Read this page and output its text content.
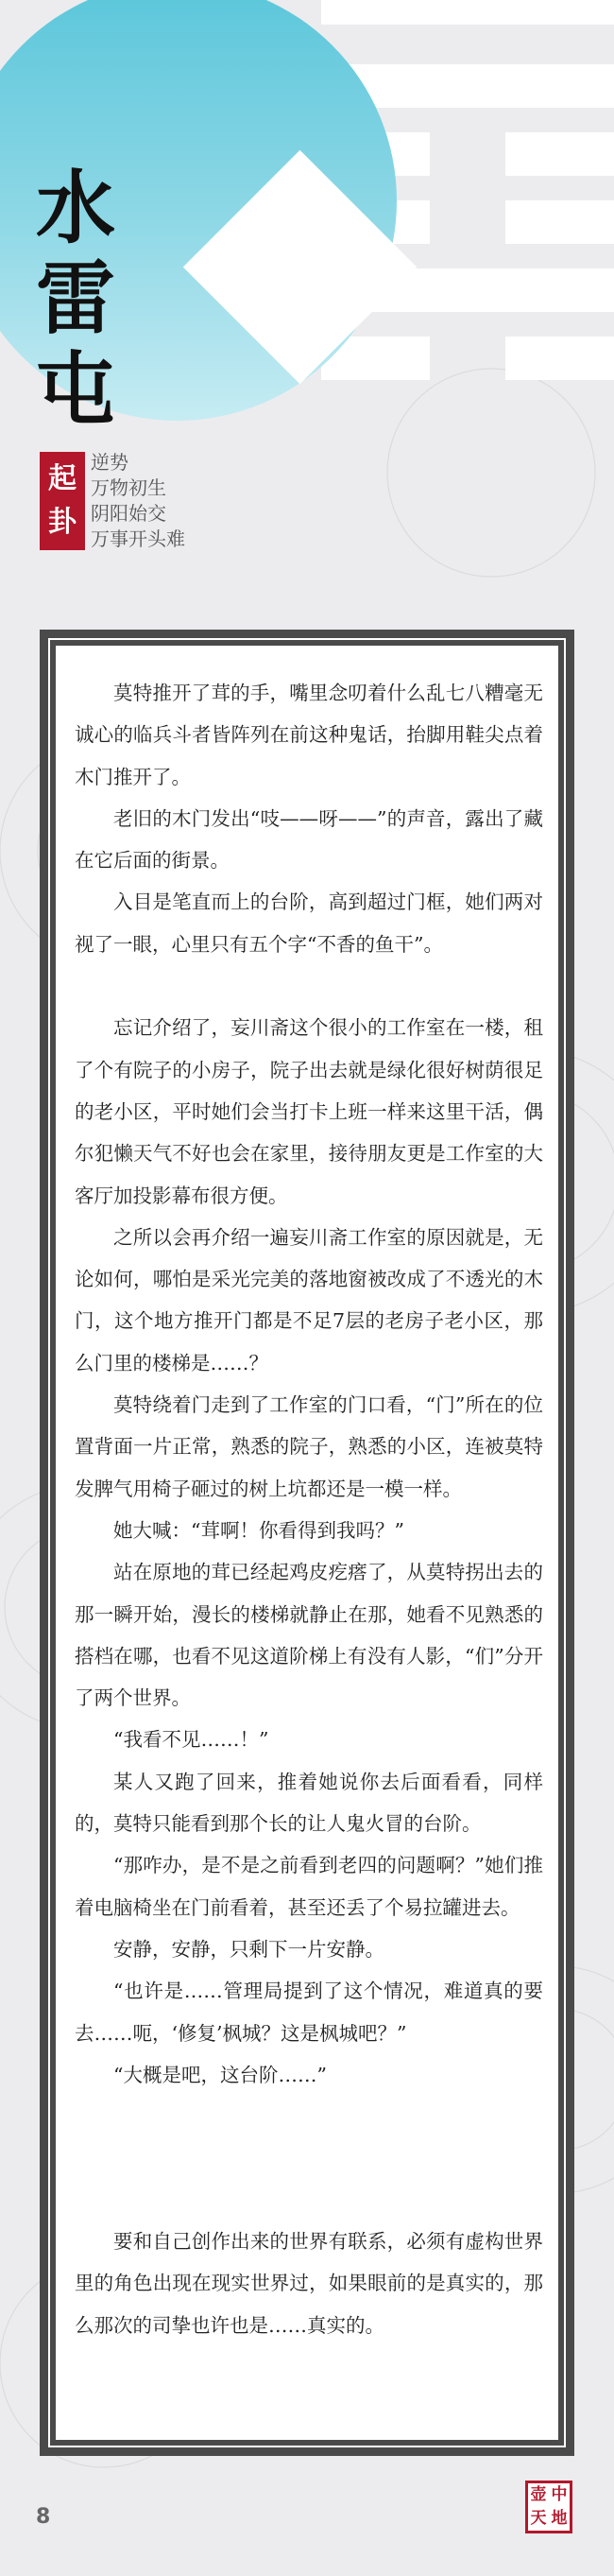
水
雷
屯
起
卦
逆势
万物初生
阴阳始交
万事开头难

莫特推开了茸的手，嘴里念叨着什么乱七八糟毫无诚心的临兵斗者皆阵列在前这种鬼话，抬脚用鞋尖点着木门推开了。

老旧的木门发出“吱——呀——”的声音，露出了藏在它后面的街景。

入目是笔直而上的台阶，高到超过门框，她们两对视了一眼，心里只有五个字“不香的鱼干”。

忘记介绍了，妄川斋这个很小的工作室在一楼，租了个有院子的小房子，院子出去就是绿化很好树荫很足的老小区，平时她们会当打卡上班一样来这里干活，偶尔犯懒天气不好也会在家里，接待朋友更是工作室的大客厅加投影幕布很方便。

之所以会再介绍一遍妄川斋工作室的原因就是，无论如何，哪怕是采光完美的落地窗被改成了不透光的木门，这个地方推开门都是不足7层的老房子老小区，那么门里的楼梯是……？

莫特绕着门走到了工作室的门口看，“门”所在的位置背面一片正常，熟悉的院子，熟悉的小区，连被莫特发脾气用椅子砸过的树上坑都还是一模一样。

她大喊：“茸啊！你看得到我吗？”

站在原地的茸已经起鸡皮疙瘩了，从莫特拐出去的那一瞬开始，漫长的楼梯就静止在那，她看不见熟悉的搭档在哪，也看不见这道阶梯上有没有人影，“们”分开了两个世界。

“我看不见……！”

某人又跑了回来，推着她说你去后面看看，同样的，莫特只能看到那个长的让人鬼火冒的台阶。

“那咋办，是不是之前看到老四的问题啊？”她们推着电脑椅坐在门前看着，甚至还丢了个易拉罐进去。

安静，安静，只剩下一片安静。

“也许是……管理局提到了这个情况，难道真的要去……呃，‘修复’枫城？这是枫城吧？”

“大概是吧，这台阶……”

要和自己创作出来的世界有联系，必须有虚构世界里的角色出现在现实世界过，如果眼前的是真实的，那么那次的司挚也许也是……真实的。

8
壶 中
天 地
